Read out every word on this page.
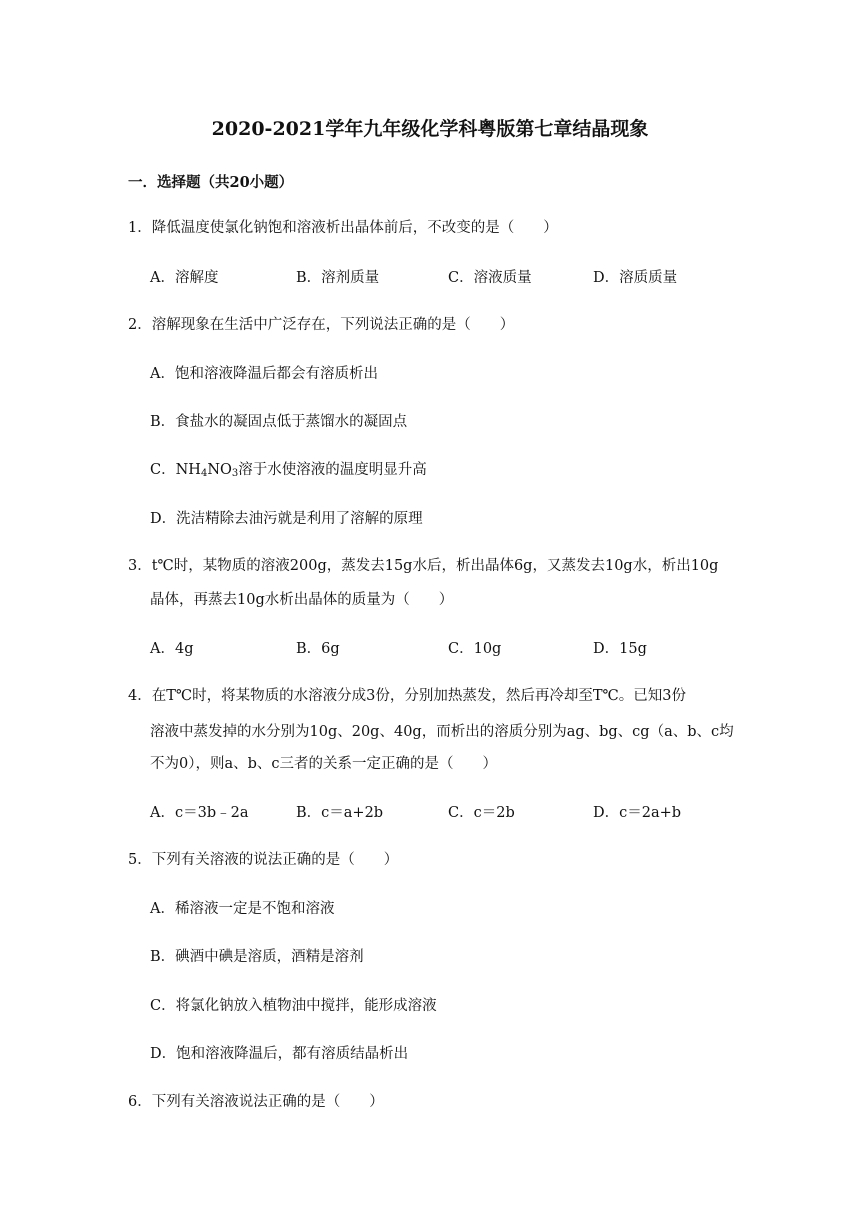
2020-2021学年九年级化学科粤版第七章结晶现象
一．选择题（共20小题）
1．降低温度使氯化钠饱和溶液析出晶体前后，不改变的是（　　）
A．溶解度	B．溶剂质量	C．溶液质量	D．溶质质量
2．溶解现象在生活中广泛存在，下列说法正确的是（　　）
A．饱和溶液降温后都会有溶质析出
B．食盐水的凝固点低于蒸馏水的凝固点
C．$NH_4NO_3$溶于水使溶液的温度明显升高
D．洗洁精除去油污就是利用了溶解的原理
3．t℃时，某物质的溶液200g，蒸发去15g水后，析出晶体6g，又蒸发去10g水，析出10g
晶体，再蒸去10g水析出晶体的质量为（　　）
A．4g	B．6g	C．10g	D．15g
4．在T℃时，将某物质的水溶液分成3份，分别加热蒸发，然后再冷却至T℃。已知3份
溶液中蒸发掉的水分别为10g、20g、40g，而析出的溶质分别为ag、bg、cg（a、b、c均
不为0），则a、b、c三者的关系一定正确的是（　　）
A．c＝3b﹣2a	B．c＝a+2b	C．c＝2b	D．c＝2a+b
5．下列有关溶液的说法正确的是（　　）
A．稀溶液一定是不饱和溶液
B．碘酒中碘是溶质，酒精是溶剂
C．将氯化钠放入植物油中搅拌，能形成溶液
D．饱和溶液降温后，都有溶质结晶析出
6．下列有关溶液说法正确的是（　　）
